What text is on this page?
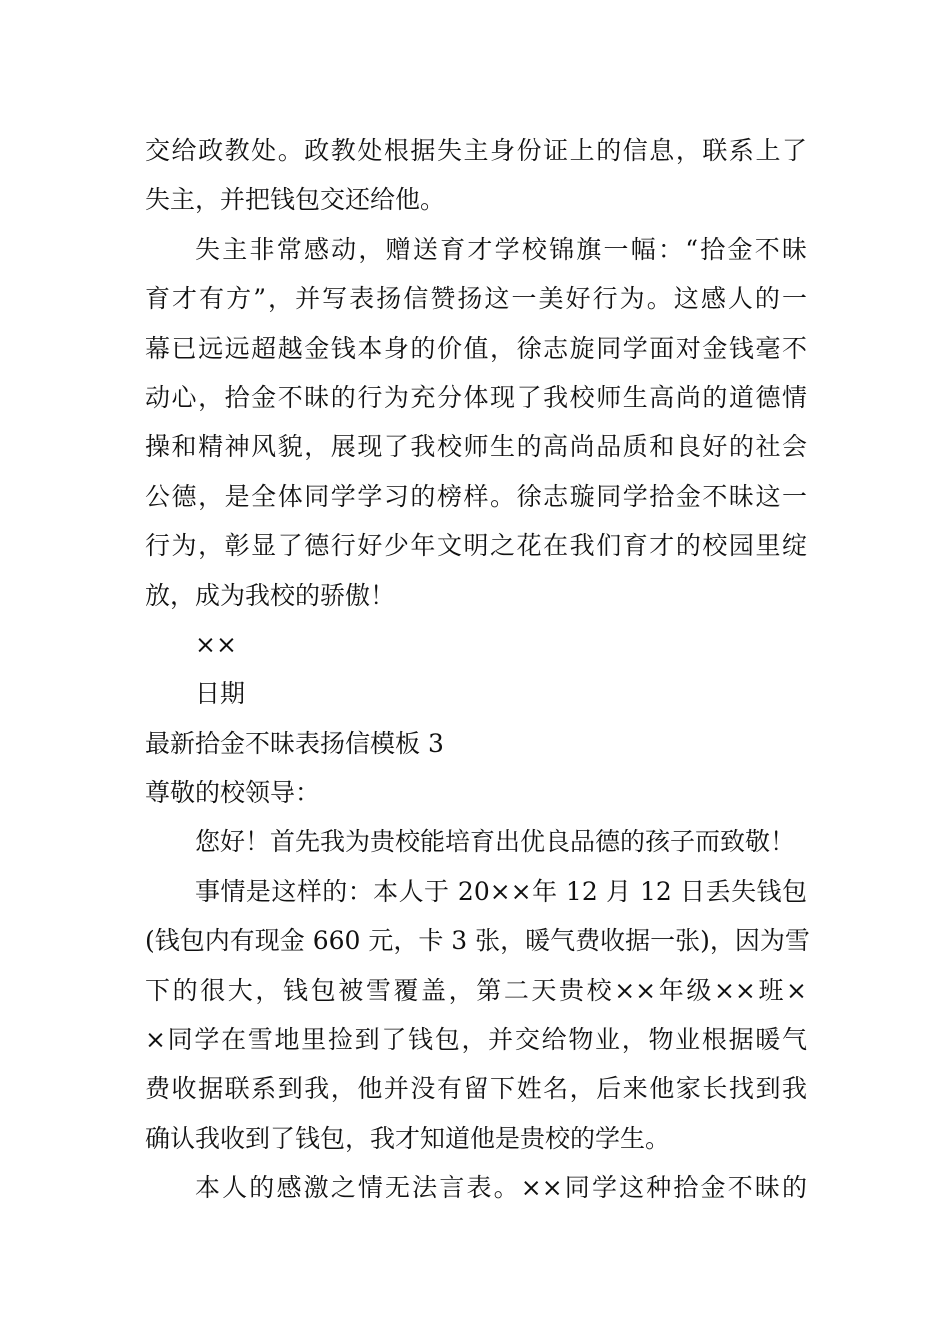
交给政教处。政教处根据失主身份证上的信息，联系上了
失主，并把钱包交还给他。
失主非常感动，赠送育才学校锦旗一幅：“拾金不昧
育才有方”，并写表扬信赞扬这一美好行为。这感人的一
幕已远远超越金钱本身的价值，徐志旋同学面对金钱毫不
动心，拾金不昧的行为充分体现了我校师生高尚的道德情
操和精神风貌，展现了我校师生的高尚品质和良好的社会
公德，是全体同学学习的榜样。徐志璇同学拾金不昧这一
行为，彰显了德行好少年文明之花在我们育才的校园里绽
放，成为我校的骄傲！
××
日期
最新拾金不昧表扬信模板 3
尊敬的校领导：
您好！首先我为贵校能培育出优良品德的孩子而致敬！
事情是这样的：本人于 20××年 12 月 12 日丢失钱包
(钱包内有现金 660 元，卡 3 张，暖气费收据一张)，因为雪
下的很大，钱包被雪覆盖，第二天贵校××年级××班×
×同学在雪地里捡到了钱包，并交给物业，物业根据暖气
费收据联系到我，他并没有留下姓名，后来他家长找到我
确认我收到了钱包，我才知道他是贵校的学生。
本人的感激之情无法言表。××同学这种拾金不昧的
